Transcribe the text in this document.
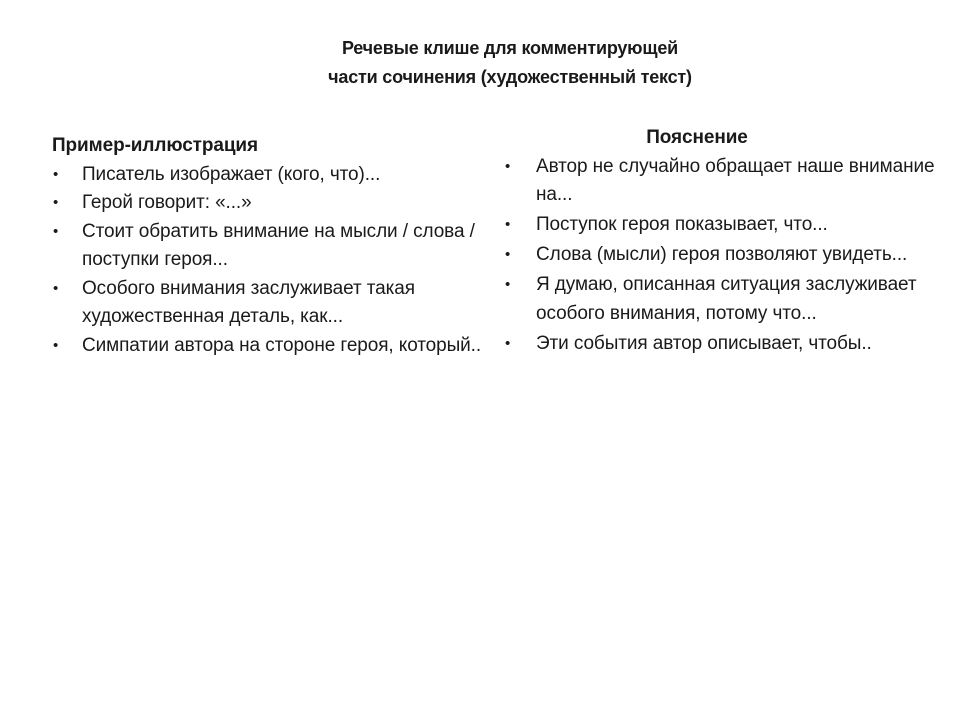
Речевые клише для комментирующей
части сочинения (художественный текст)
Пример-иллюстрация
• Писатель изображает (кого, что)...
• Герой говорит: «...»
• Стоит обратить внимание на мысли / слова / поступки героя...
• Особого внимания заслуживает такая художественная деталь, как...
• Симпатии автора на стороне героя, который..
Пояснение
• Автор не случайно обращает наше внимание на...
• Поступок героя показывает, что...
• Слова (мысли) героя позволяют увидеть...
• Я думаю, описанная ситуация заслуживает особого внимания, потому что...
• Эти события автор описывает, чтобы..
